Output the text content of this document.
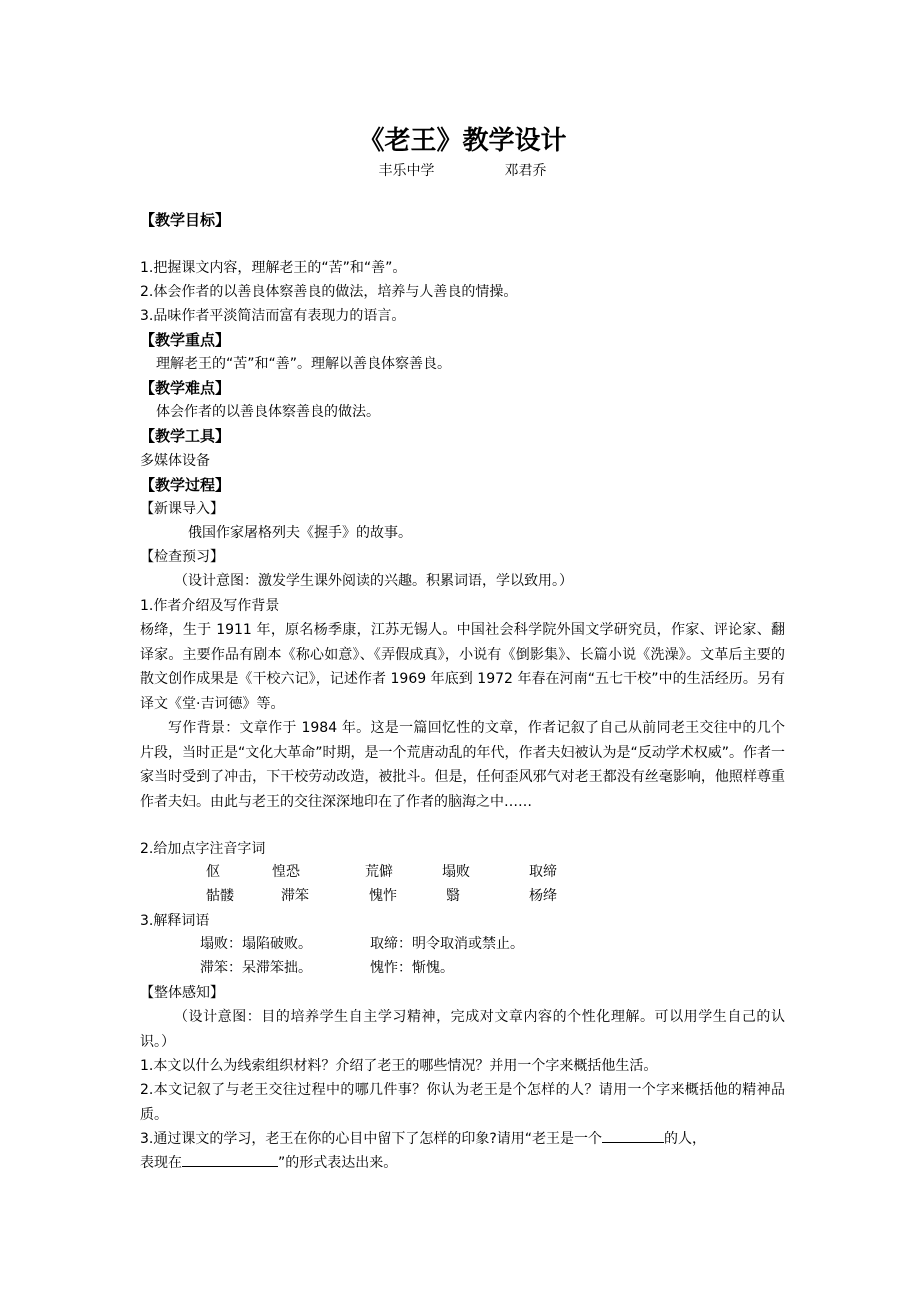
《老王》教学设计
丰乐中学	邓君乔
【教学目标】
1.把握课文内容，理解老王的“苦”和“善”。
2.体会作者的以善良体察善良的做法，培养与人善良的情操。
3.品味作者平淡简洁而富有表现力的语言。
【教学重点】
理解老王的“苦”和“善”。理解以善良体察善良。
【教学难点】
体会作者的以善良体察善良的做法。
【教学工具】
多媒体设备
【教学过程】
【新课导入】
俄国作家屠格列夫《握手》的故事。
【检查预习】
（设计意图：激发学生课外阅读的兴趣。积累词语，学以致用。）
1.作者介绍及写作背景
杨绛，生于 1911 年，原名杨季康，江苏无锡人。中国社会科学院外国文学研究员，作家、评论家、翻译家。主要作品有剧本《称心如意》、《弄假成真》，小说有《倒影集》、长篇小说《洗澡》。文革后主要的散文创作成果是《干校六记》，记述作者 1969 年底到 1972 年春在河南“五七干校”中的生活经历。另有译文《堂·吉诃德》等。
写作背景：文章作于 1984 年。这是一篇回忆性的文章，作者记叙了自己从前同老王交往中的几个片段，当时正是“文化大革命”时期，是一个荒唐动乱的年代，作者夫妇被认为是“反动学术权威”。作者一家当时受到了冲击，下干校劳动改造，被批斗。但是，任何歪风邪气对老王都没有丝毫影响，他照样尊重作者夫妇。由此与老王的交往深深地印在了作者的脑海之中……
2.给加点字注音字词
伛	惶恐	荒僻	塌败	取缔
骷髅	滞笨	愧怍	翳	杨绛
3.解释词语
塌败：塌陷破败。	取缔：明令取消或禁止。
滞笨：呆滞笨拙。	愧怍：惭愧。
【整体感知】
（设计意图：目的培养学生自主学习精神，完成对文章内容的个性化理解。可以用学生自己的认识。）
1.本文以什么为线索组织材料？介绍了老王的哪些情况？并用一个字来概括他生活。
2.本文记叙了与老王交往过程中的哪几件事？你认为老王是个怎样的人？请用一个字来概括他的精神品质。
3.通过课文的学习，老王在你的心目中留下了怎样的印象?请用“老王是一个	的人，
表现在	”的形式表达出来。
